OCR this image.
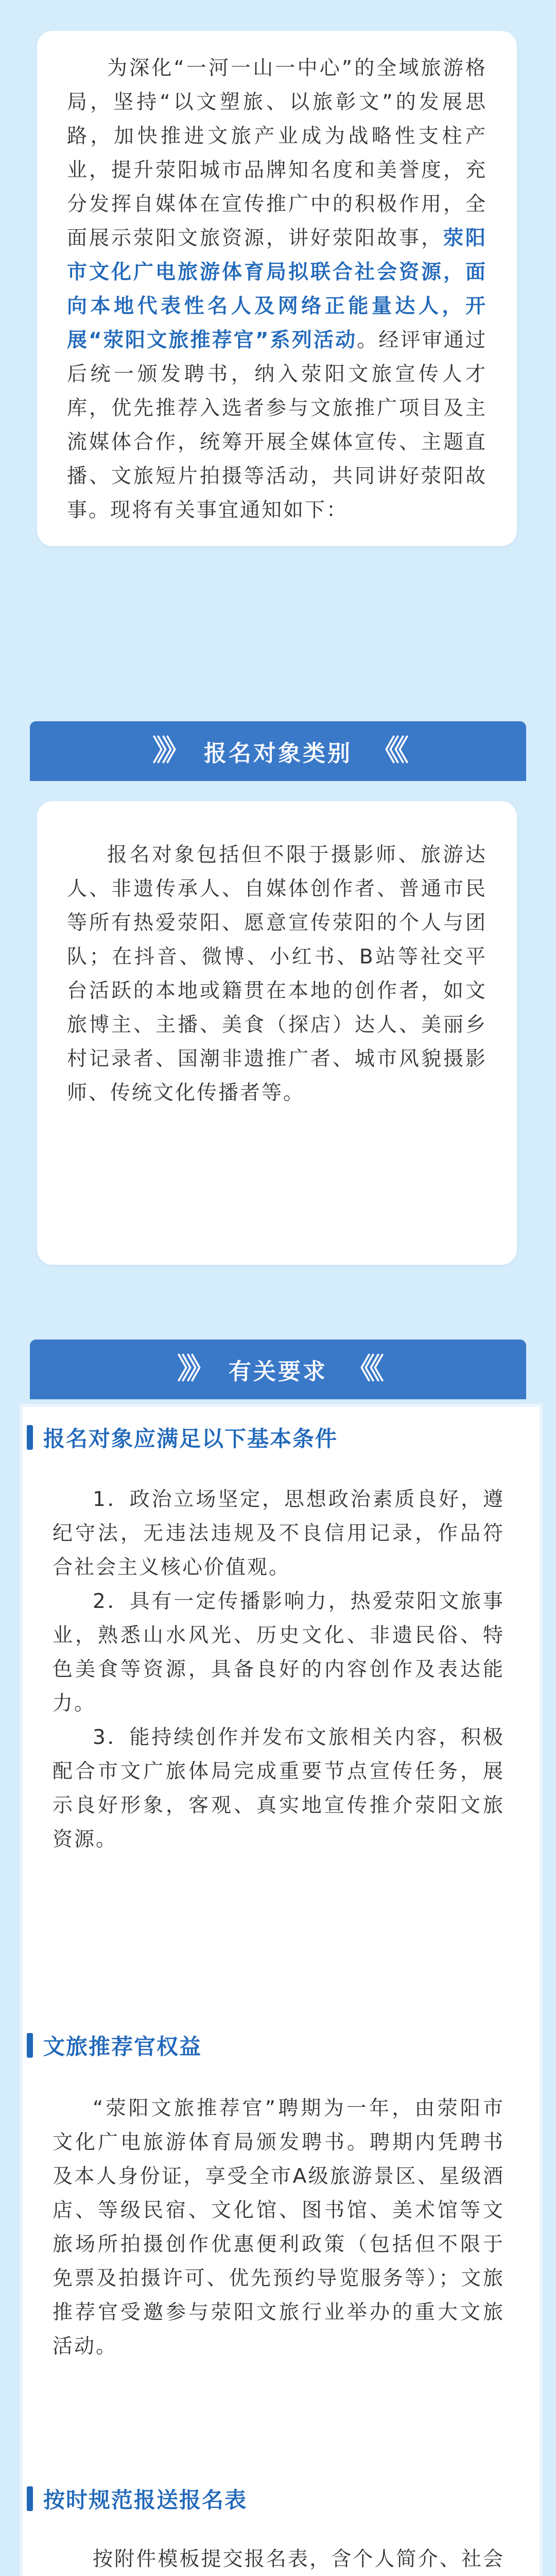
为深化“一河一山一中心”的全域旅游格局，坚持“以文塑旅、以旅彰文”的发展思路，加快推进文旅产业成为战略性支柱产业，提升荥阳城市品牌知名度和美誉度，充分发挥自媒体在宣传推广中的积极作用，全面展示荥阳文旅资源，讲好荥阳故事，荥阳市文化广电旅游体育局拟联合社会资源，面向本地代表性名人及网络正能量达人，开展“荥阳文旅推荐官”系列活动。经评审通过后统一颁发聘书，纳入荥阳文旅宣传人才库，优先推荐入选者参与文旅推广项目及主流媒体合作，统筹开展全媒体宣传、主题直播、文旅短片拍摄等活动，共同讲好荥阳故事。现将有关事宜通知如下：

》》 报名对象类别 《《

报名对象包括但不限于摄影师、旅游达人、非遗传承人、自媒体创作者、普通市民等所有热爱荥阳、愿意宣传荥阳的个人与团队；在抖音、微博、小红书、B站等社交平台活跃的本地或籍贯在本地的创作者，如文旅博主、主播、美食（探店）达人、美丽乡村记录者、国潮非遗推广者、城市风貌摄影师、传统文化传播者等。

》》 有关要求 《《
报名对象应满足以下基本条件

1．政治立场坚定，思想政治素质良好，遵纪守法，无违法违规及不良信用记录，作品符合社会主义核心价值观。

2．具有一定传播影响力，热爱荥阳文旅事业，熟悉山水风光、历史文化、非遗民俗、特色美食等资源，具备良好的内容创作及表达能力。

3．能持续创作并发布文旅相关内容，积极配合市文广旅体局完成重要节点宣传任务，展示良好形象，客观、真实地宣传推介荥阳文旅资源。

文旅推荐官权益

“荥阳文旅推荐官”聘期为一年，由荥阳市文化广电旅游体育局颁发聘书。聘期内凭聘书及本人身份证，享受全市A级旅游景区、星级酒店、等级民宿、文化馆、图书馆、美术馆等文旅场所拍摄创作优惠便利政策（包括但不限于免票及拍摄许可、优先预约导览服务等）；文旅推荐官受邀参与荥阳文旅行业举办的重大文旅活动。

按时规范报送报名表

按附件模板提交报名表，含个人简介、社会
